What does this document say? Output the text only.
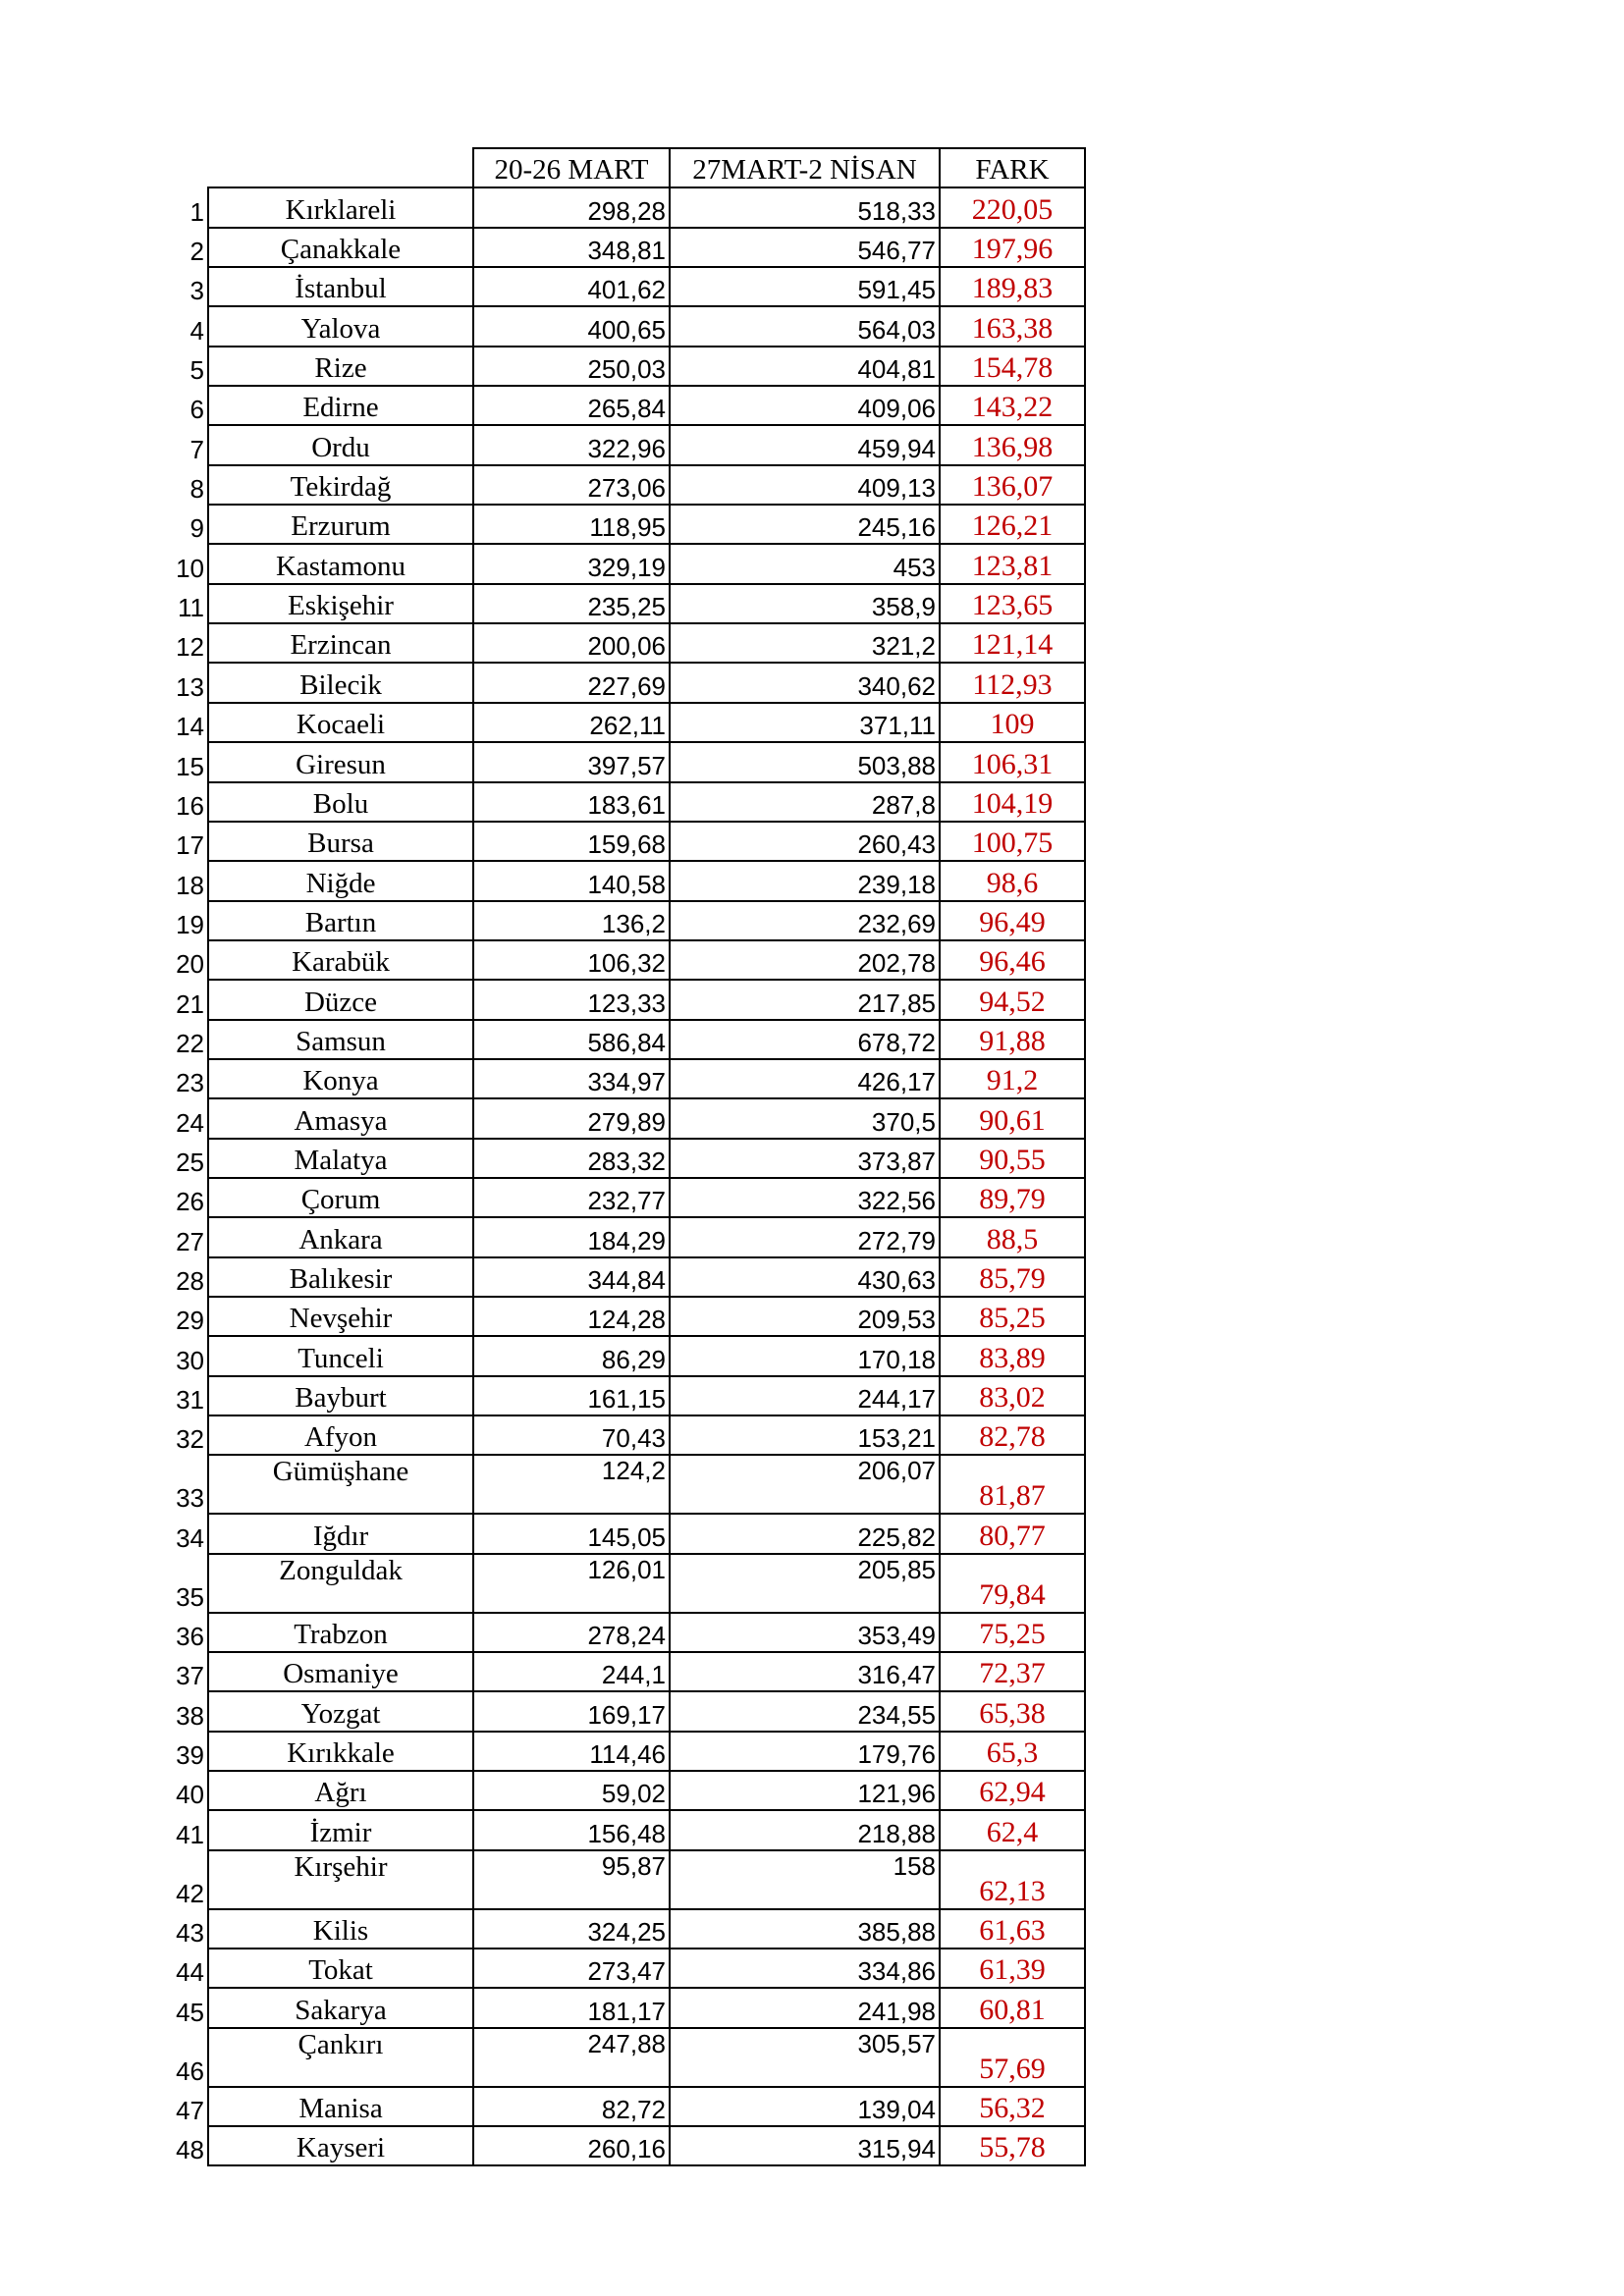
		20-26 MART	27MART-2 NİSAN	FARK
1	Kırklareli	298,28	518,33	220,05
2	Çanakkale	348,81	546,77	197,96
3	İstanbul	401,62	591,45	189,83
4	Yalova	400,65	564,03	163,38
5	Rize	250,03	404,81	154,78
6	Edirne	265,84	409,06	143,22
7	Ordu	322,96	459,94	136,98
8	Tekirdağ	273,06	409,13	136,07
9	Erzurum	118,95	245,16	126,21
10	Kastamonu	329,19	453	123,81
11	Eskişehir	235,25	358,9	123,65
12	Erzincan	200,06	321,2	121,14
13	Bilecik	227,69	340,62	112,93
14	Kocaeli	262,11	371,11	109
15	Giresun	397,57	503,88	106,31
16	Bolu	183,61	287,8	104,19
17	Bursa	159,68	260,43	100,75
18	Niğde	140,58	239,18	98,6
19	Bartın	136,2	232,69	96,49
20	Karabük	106,32	202,78	96,46
21	Düzce	123,33	217,85	94,52
22	Samsun	586,84	678,72	91,88
23	Konya	334,97	426,17	91,2
24	Amasya	279,89	370,5	90,61
25	Malatya	283,32	373,87	90,55
26	Çorum	232,77	322,56	89,79
27	Ankara	184,29	272,79	88,5
28	Balıkesir	344,84	430,63	85,79
29	Nevşehir	124,28	209,53	85,25
30	Tunceli	86,29	170,18	83,89
31	Bayburt	161,15	244,17	83,02
32	Afyon	70,43	153,21	82,78
33	Gümüşhane	124,2	206,07	81,87
34	Iğdır	145,05	225,82	80,77
35	Zonguldak	126,01	205,85	79,84
36	Trabzon	278,24	353,49	75,25
37	Osmaniye	244,1	316,47	72,37
38	Yozgat	169,17	234,55	65,38
39	Kırıkkale	114,46	179,76	65,3
40	Ağrı	59,02	121,96	62,94
41	İzmir	156,48	218,88	62,4
42	Kırşehir	95,87	158	62,13
43	Kilis	324,25	385,88	61,63
44	Tokat	273,47	334,86	61,39
45	Sakarya	181,17	241,98	60,81
46	Çankırı	247,88	305,57	57,69
47	Manisa	82,72	139,04	56,32
48	Kayseri	260,16	315,94	55,78
